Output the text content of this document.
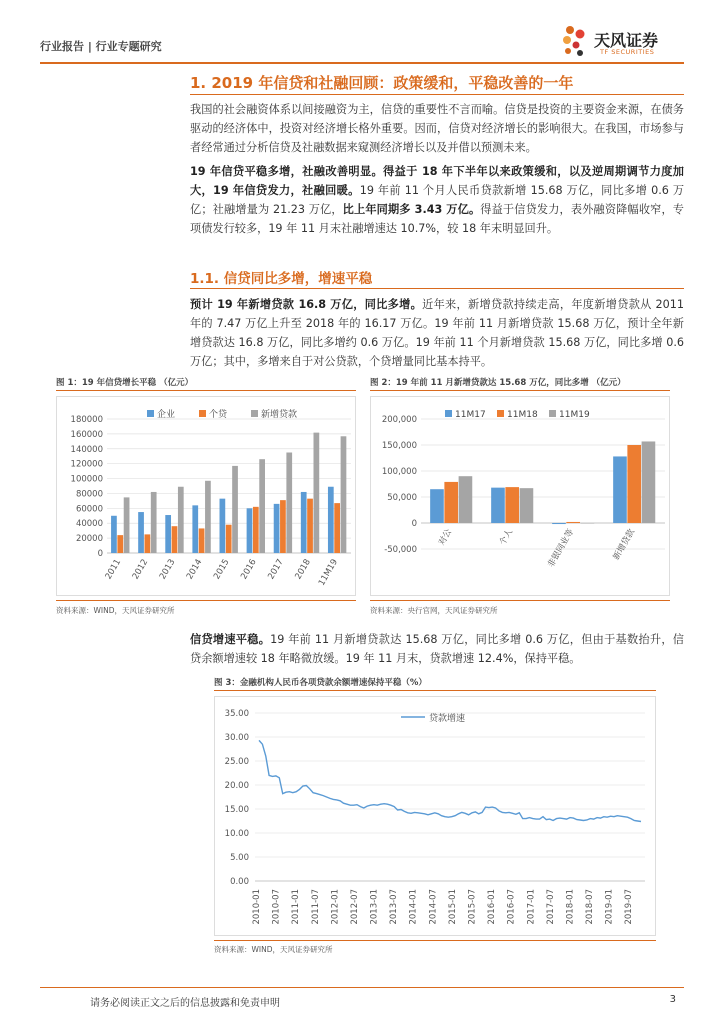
行业报告 | 行业专题研究	天风证券
TF SECURITIES
1. 2019 年信贷和社融回顾：政策缓和，平稳改善的一年

我国的社会融资体系以间接融资为主，信贷的重要性不言而喻。信贷是投资的主要资金来源，在债务驱动的经济体中，投资对经济增长格外重要。因而，信贷对经济增长的影响很大。在我国，市场参与者经常通过分析信贷及社融数据来窥测经济增长以及并借以预测未来。

19 年信贷平稳多增，社融改善明显。得益于 18 年下半年以来政策缓和，以及逆周期调节力度加大，19 年信贷发力，社融回暖。19 年前 11 个月人民币贷款新增 15.68 万亿，同比多增 0.6 万亿；社融增量为 21.23 万亿，比上年同期多 3.43 万亿。得益于信贷发力，表外融资降幅收窄，专项债发行较多，19 年 11 月末社融增速达 10.7%，较 18 年末明显回升。

1.1. 信贷同比多增，增速平稳

预计 19 年新增贷款 16.8 万亿，同比多增。近年来，新增贷款持续走高，年度新增贷款从 2011 年的 7.47 万亿上升至 2018 年的 16.17 万亿。19 年前 11 月新增贷款 15.68 万亿，预计全年新增贷款达 16.8 万亿，同比多增约 0.6 万亿。19 年前 11 个月新增贷款 15.68 万亿，同比多增 0.6 万亿；其中，多增来自于对公贷款，个贷增量同比基本持平。

图 1：19 年信贷增长平稳 （亿元）
0
20000
40000
60000
80000
100000
120000
140000
160000
180000
2011 2012 2013 2014 2015 2016 2017 2018 11M19
企业	个贷	新增贷款
资料来源：WIND，天风证券研究所
图 2：19 年前 11 月新增贷款达 15.68 万亿，同比多增 （亿元）
-50,000
0
50,000
100,000
150,000
200,000
对公	个人	非银同业等	新增贷款
11M17 11M18 11M19
资料来源：央行官网，天风证券研究所

信贷增速平稳。19 年前 11 月新增贷款达 15.68 万亿，同比多增 0.6 万亿，但由于基数抬升，信贷余额增速较 18 年略微放缓。19 年 11 月末，贷款增速 12.4%，保持平稳。

图 3：金融机构人民币各项贷款余额增速保持平稳（%）
0.00
5.00
10.00
15.00
20.00
25.00
30.00
35.00
2010-01 2010-07 2011-01 2011-07 2012-01 2012-07 2013-01 2013-07 2014-01 2014-07 2015-01 2015-07 2016-01 2016-07 2017-01 2017-07 2018-01 2018-07 2019-01 2019-07
贷款增速
资料来源：WIND，天风证券研究所
请务必阅读正文之后的信息披露和免责申明	3
